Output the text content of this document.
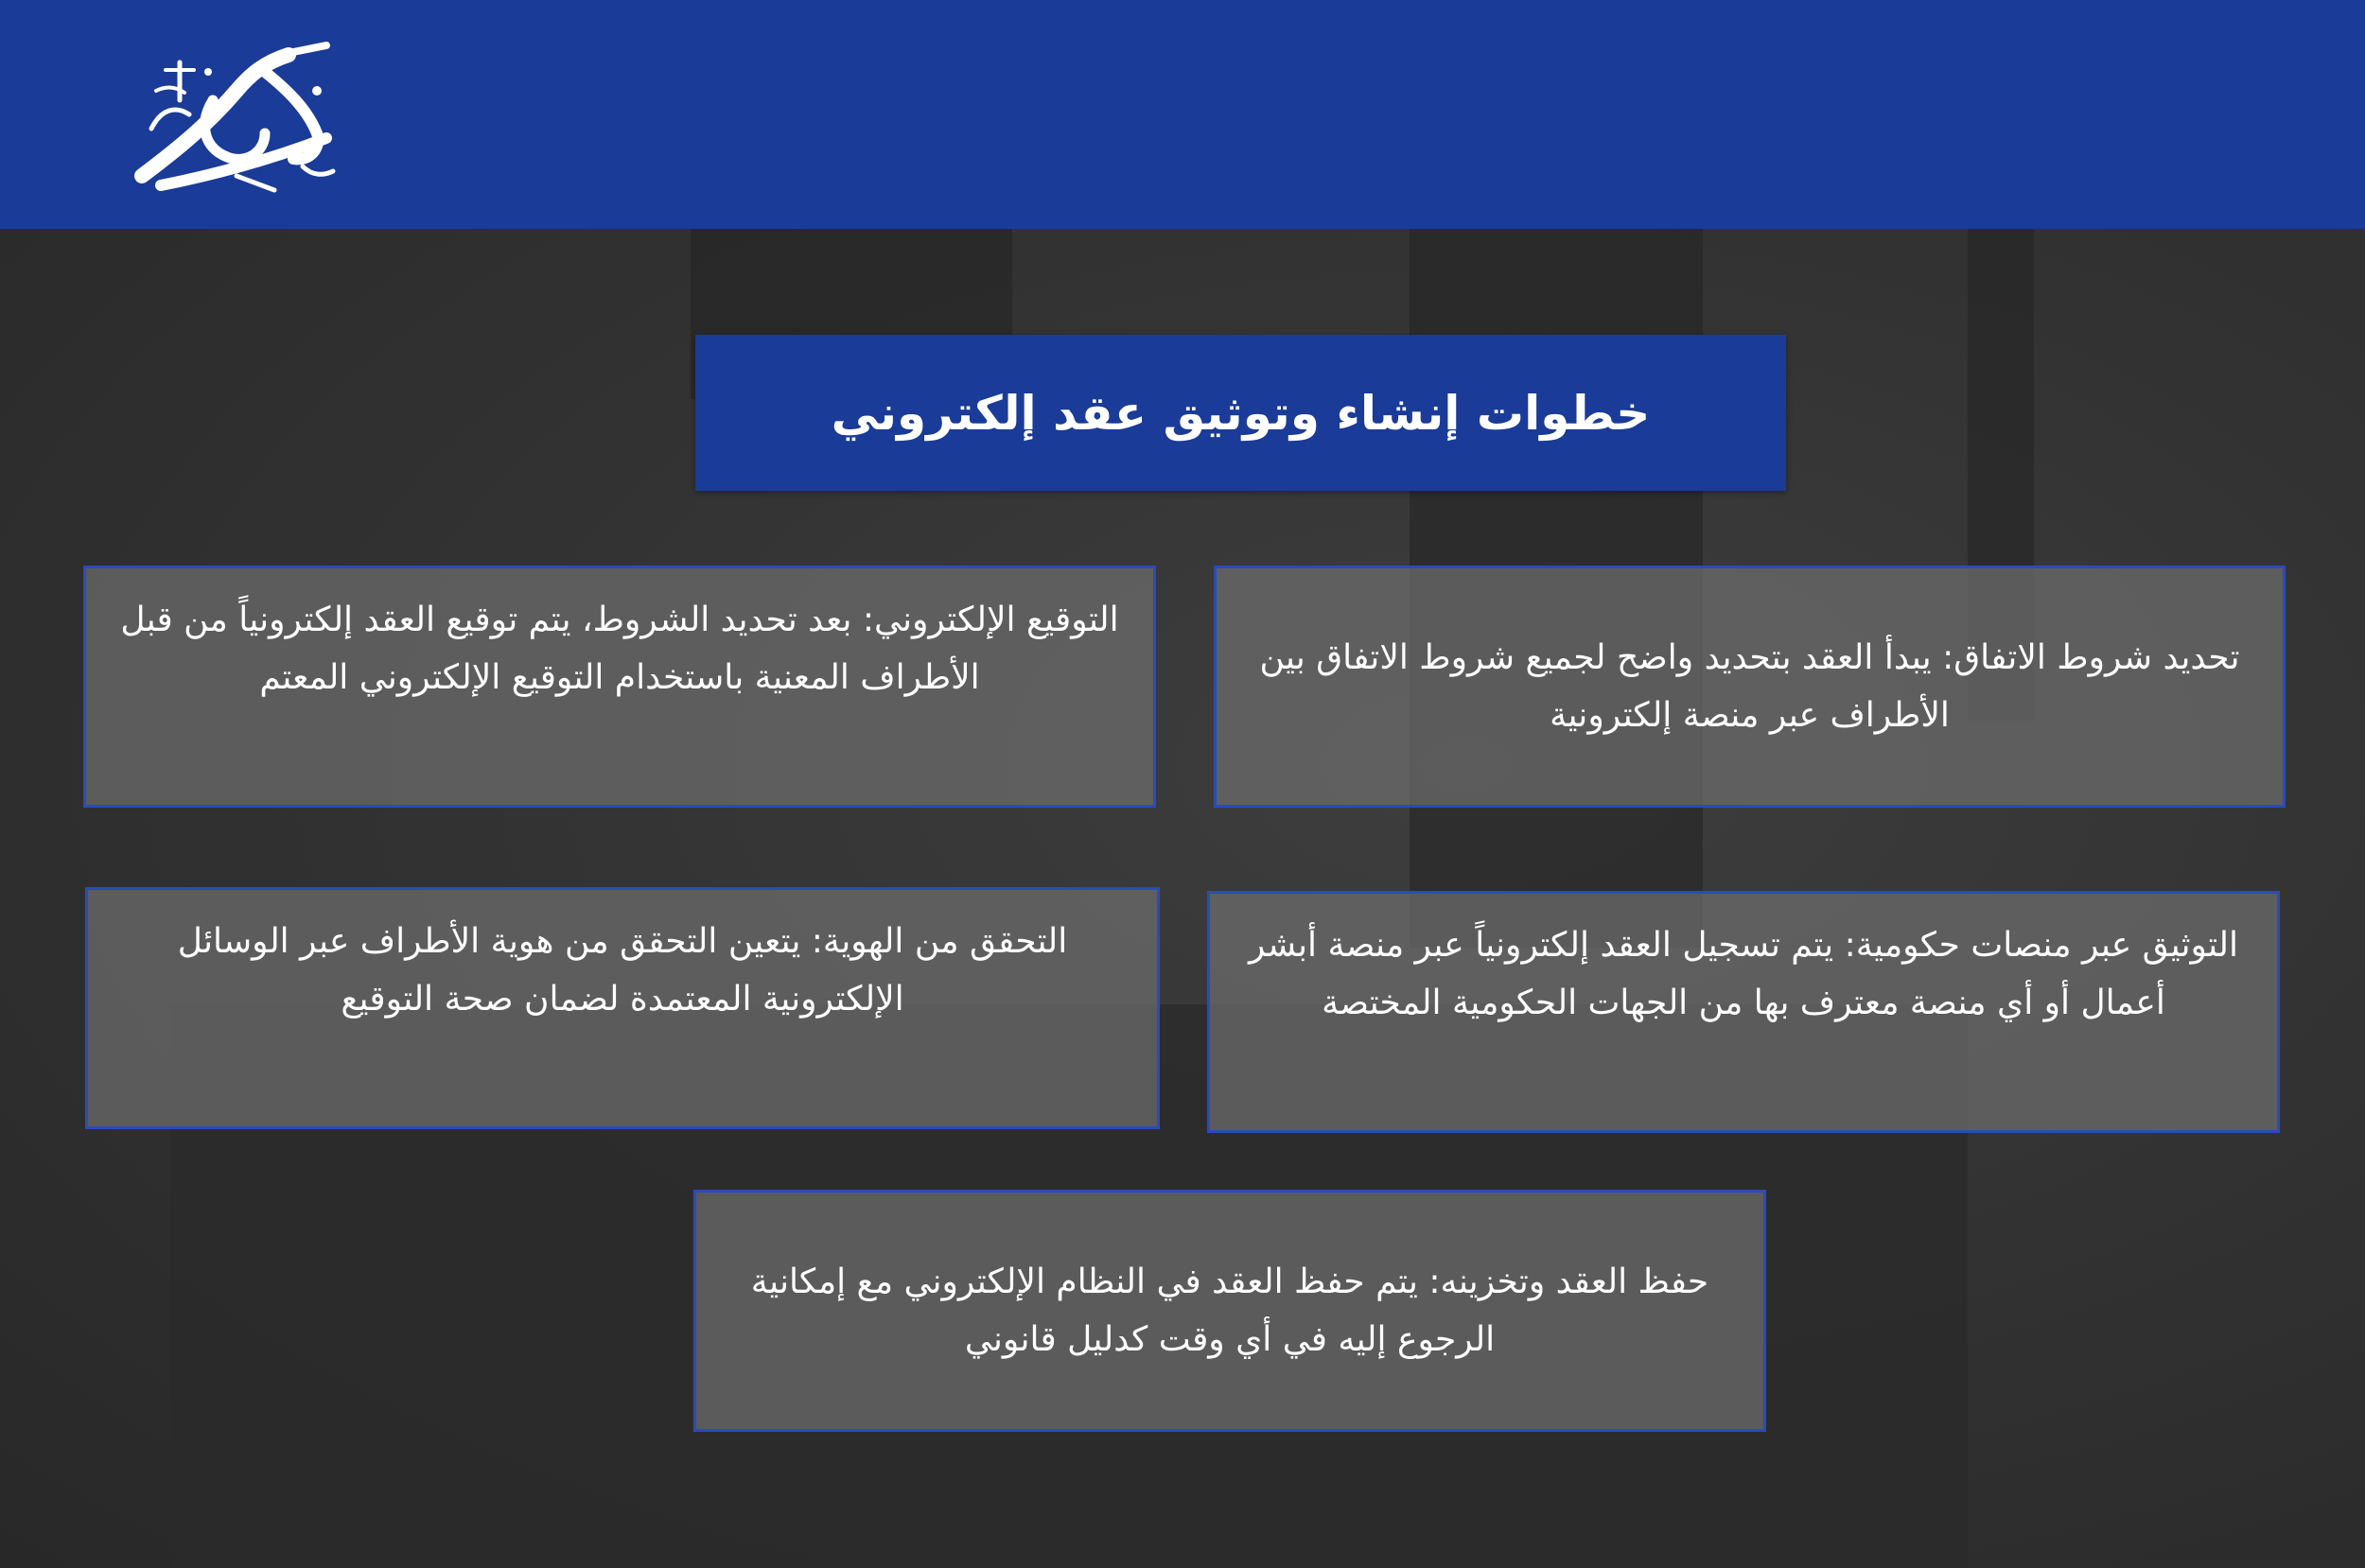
خطوات إنشاء وتوثيق عقد إلكتروني
تحديد شروط الاتفاق: يبدأ العقد بتحديد واضح لجميع شروط الاتفاق بين الأطراف عبر منصة إلكترونية
التوقيع الإلكتروني: بعد تحديد الشروط، يتم توقيع العقد إلكترونياً من قبل الأطراف المعنية باستخدام التوقيع الإلكتروني المعتم
التوثيق عبر منصات حكومية: يتم تسجيل العقد إلكترونياً عبر منصة أبشر أعمال أو أي منصة معترف بها من الجهات الحكومية المختصة
التحقق من الهوية: يتعين التحقق من هوية الأطراف عبر الوسائل الإلكترونية المعتمدة لضمان صحة التوقيع
حفظ العقد وتخزينه: يتم حفظ العقد في النظام الإلكتروني مع إمكانية الرجوع إليه في أي وقت كدليل قانوني
